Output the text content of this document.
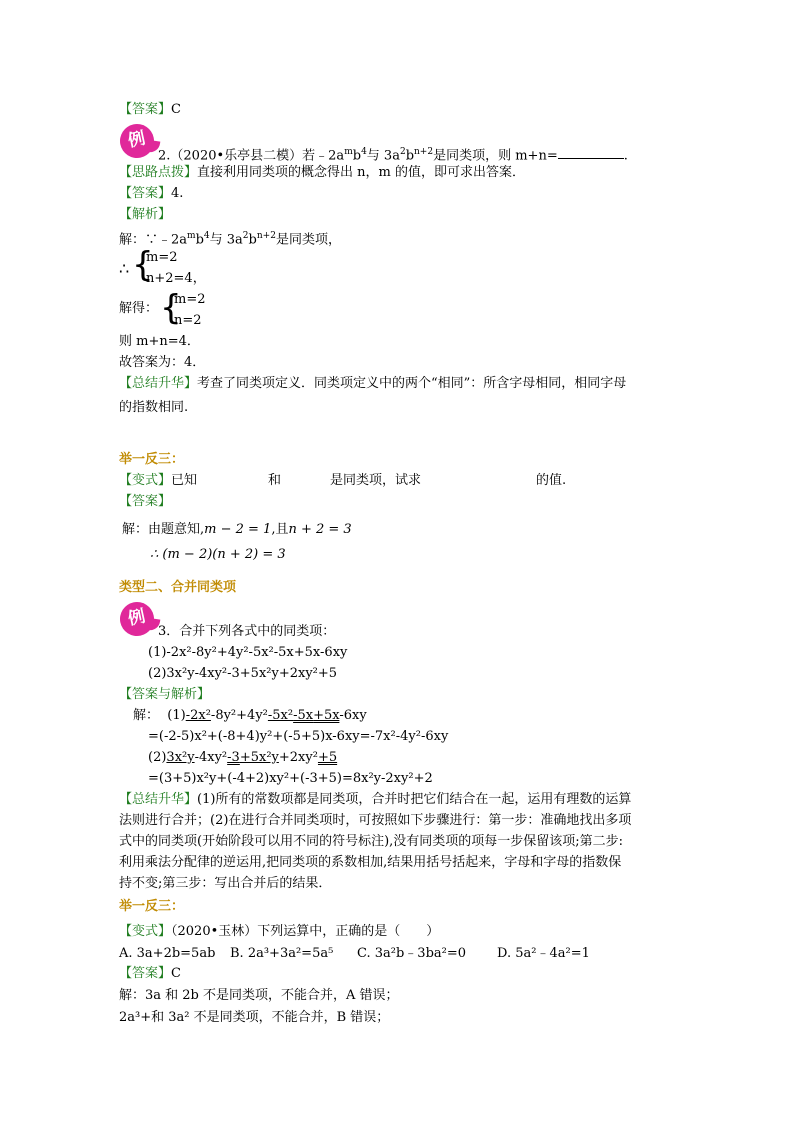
【答案】C
例
2.（2020•乐亭县二模）若$﹣2a^mb^4$与 $3a^2b^{n+2}$是同类项，则 m+n=	.
【思路点拨】直接利用同类项的概念得出 n，m 的值，即可求出答案．
【答案】4.
【解析】
解：$\because﹣2a^mb^4$与 $3a^2b^{n+2}$是同类项，
∴ {
m=2
n+2=4，
解得： {
m=2
n=2
则 m+n=4．
故答案为：4．
【总结升华】考查了同类项定义．同类项定义中的两个“相同”：所含字母相同，相同字母
的指数相同.
举一反三：
【变式】已知	和	是同类项，试求	的值.
【答案】
解：由题意知,m − 2 = 1,且n + 2 = 3
∴ (m − 2)(n + 2) = 3
类型二、合并同类项
例
3．合并下列各式中的同类项：
(1)-2x²-8y²+4y²-5x²-5x+5x-6xy
(2)3x²y-4xy²-3+5x²y+2xy²+5
【答案与解析】
解： (1)-2x²-8y²+4y²-5x²-5x+5x-6xy
=(-2-5)x²+(-8+4)y²+(-5+5)x-6xy=-7x²-4y²-6xy
(2)3x²y-4xy²-3+5x²y+2xy²+5
=(3+5)x²y+(-4+2)xy²+(-3+5)=8x²y-2xy²+2
【总结升华】(1)所有的常数项都是同类项，合并时把它们结合在一起，运用有理数的运算
法则进行合并；(2)在进行合并同类项时，可按照如下步骤进行：第一步：准确地找出多项
式中的同类项(开始阶段可以用不同的符号标注),没有同类项的项每一步保留该项;第二步:
利用乘法分配律的逆运用,把同类项的系数相加,结果用括号括起来，字母和字母的指数保
持不变;第三步：写出合并后的结果．
举一反三：
【变式】（2020•玉林）下列运算中，正确的是（　　）
A. 3a+2b=5ab B. 2a³+3a²=5a⁵ C. 3a²b﹣3ba²=0 D. 5a²﹣4a²=1
【答案】C
解：3a 和 2b 不是同类项，不能合并，A 错误；
2a³+和 3a² 不是同类项，不能合并，B 错误；
